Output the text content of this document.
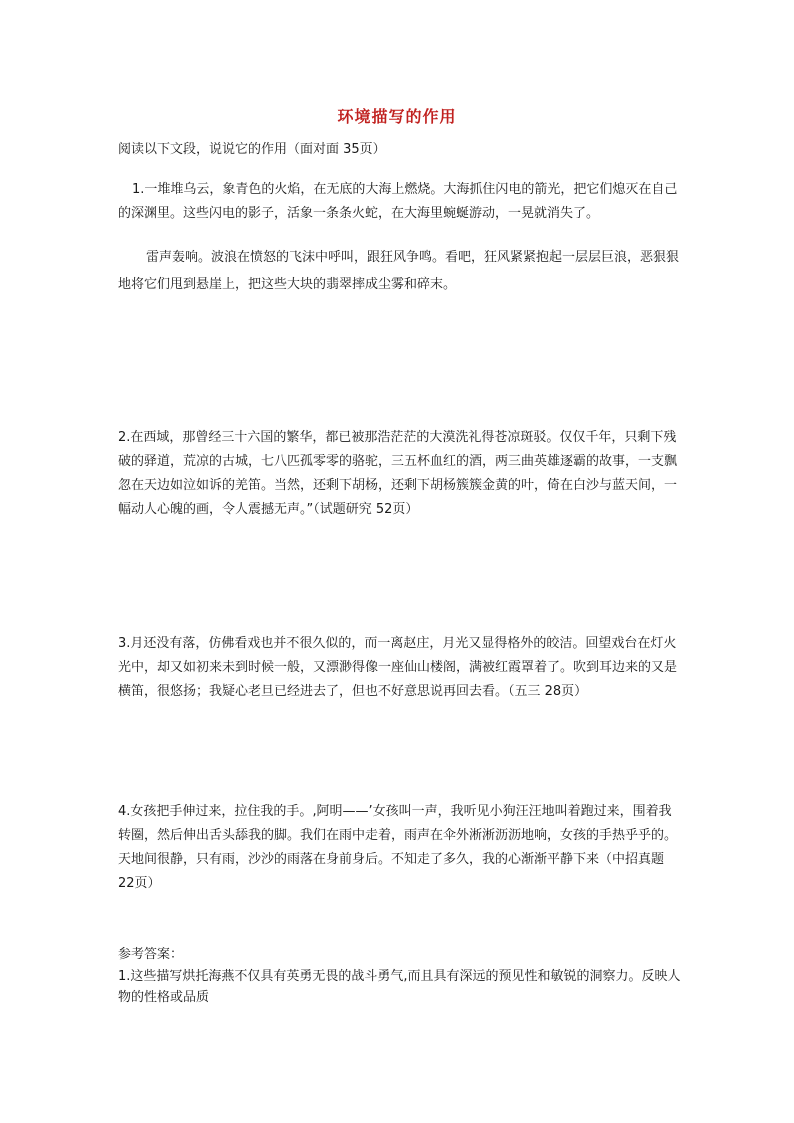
环境描写的作用
阅读以下文段，说说它的作用（面对面 35页）

1.一堆堆乌云，象青色的火焰，在无底的大海上燃烧。大海抓住闪电的箭光，把它们熄灭在自己的深渊里。这些闪电的影子，活象一条条火蛇，在大海里蜿蜒游动，一晃就消失了。

雷声轰响。波浪在愤怒的飞沫中呼叫，跟狂风争鸣。看吧，狂风紧紧抱起一层层巨浪，恶狠狠地将它们甩到悬崖上，把这些大块的翡翠摔成尘雾和碎末。

2.在西域，那曾经三十六国的繁华，都已被那浩茫茫的大漠洗礼得苍凉斑驳。仅仅千年，只剩下残破的驿道，荒凉的古城，七八匹孤零零的骆驼，三五杯血红的酒，两三曲英雄逐霸的故事，一支飘忽在天边如泣如诉的羌笛。当然，还剩下胡杨，还剩下胡杨簇簇金黄的叶，倚在白沙与蓝天间，一幅动人心魄的画，令人震撼无声。”（试题研究 52页）

3.月还没有落，仿佛看戏也并不很久似的，而一离赵庄，月光又显得格外的皎洁。回望戏台在灯火光中，却又如初来未到时候一般，又漂渺得像一座仙山楼阁，满被红霞罩着了。吹到耳边来的又是横笛，很悠扬；我疑心老旦已经进去了，但也不好意思说再回去看。（五三 28页）

4.女孩把手伸过来，拉住我的手。‚阿明——’女孩叫一声，我听见小狗汪汪地叫着跑过来，围着我转圈，然后伸出舌头舔我的脚。我们在雨中走着，雨声在伞外淅淅沥沥地响，女孩的手热乎乎的。天地间很静，只有雨，沙沙的雨落在身前身后。不知走了多久，我的心渐渐平静下来（中招真题 22页）

参考答案：
1.这些描写烘托海燕不仅具有英勇无畏的战斗勇气,而且具有深远的预见性和敏锐的洞察力。反映人物的性格或品质
